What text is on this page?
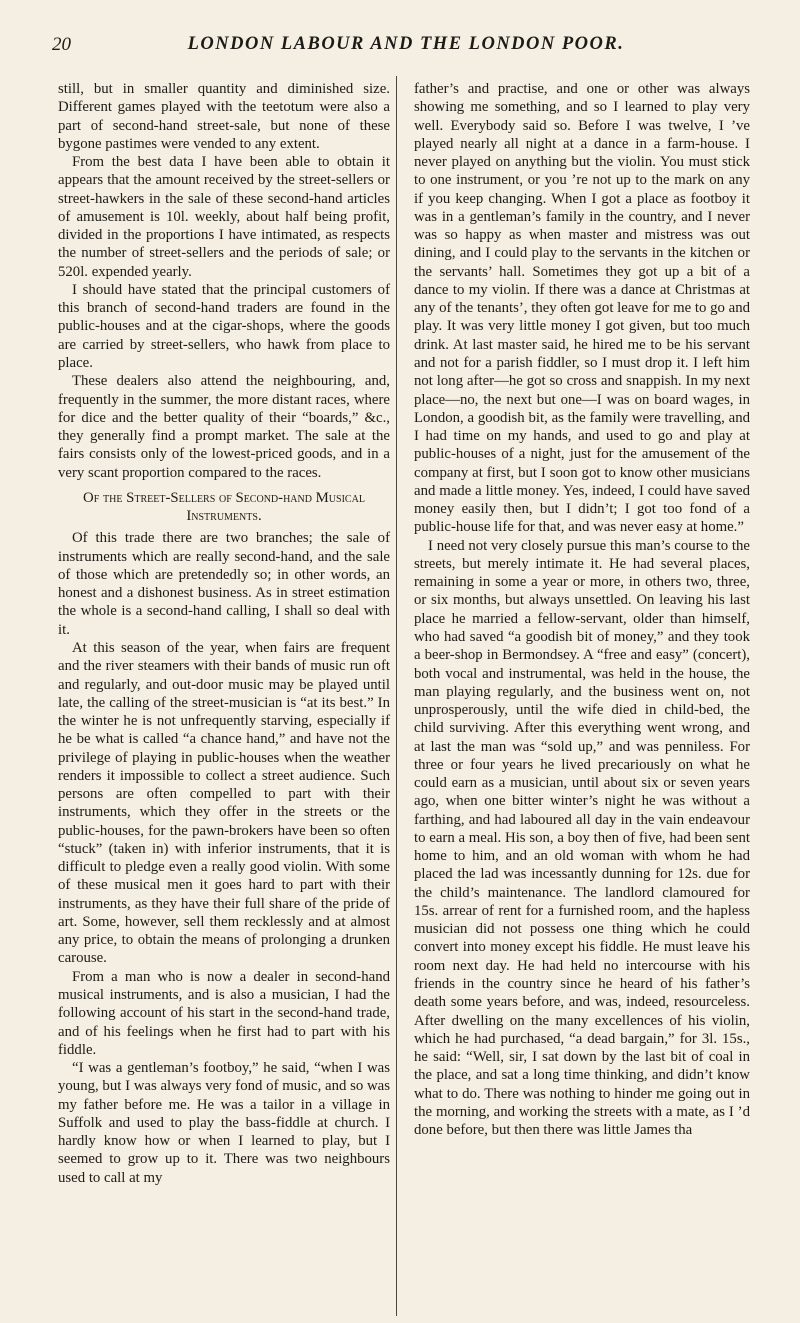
20	LONDON LABOUR AND THE LONDON POOR.

still, but in smaller quantity and diminished size. Different games played with the teetotum were also a part of second-hand street-sale, but none of these bygone pastimes were vended to any extent.

From the best data I have been able to obtain it appears that the amount received by the street-sellers or street-hawkers in the sale of these second-hand articles of amusement is 10l. weekly, about half being profit, divided in the proportions I have intimated, as respects the number of street-sellers and the periods of sale; or 520l. expended yearly.

I should have stated that the principal customers of this branch of second-hand traders are found in the public-houses and at the cigar-shops, where the goods are carried by street-sellers, who hawk from place to place.

These dealers also attend the neighbouring, and, frequently in the summer, the more distant races, where for dice and the better quality of their “boards,” &c., they generally find a prompt market. The sale at the fairs consists only of the lowest-priced goods, and in a very scant proportion compared to the races.

Of the Street-Sellers of Second-hand Musical Instruments.

Of this trade there are two branches; the sale of instruments which are really second-hand, and the sale of those which are pretendedly so; in other words, an honest and a dishonest business. As in street estimation the whole is a second-hand calling, I shall so deal with it.

At this season of the year, when fairs are frequent and the river steamers with their bands of music run oft and regularly, and out-door music may be played until late, the calling of the street-musician is “at its best.” In the winter he is not unfrequently starving, especially if he be what is called “a chance hand,” and have not the privilege of playing in public-houses when the weather renders it impossible to collect a street audience. Such persons are often compelled to part with their instruments, which they offer in the streets or the public-houses, for the pawn-brokers have been so often “stuck” (taken in) with inferior instruments, that it is difficult to pledge even a really good violin. With some of these musical men it goes hard to part with their instruments, as they have their full share of the pride of art. Some, however, sell them recklessly and at almost any price, to obtain the means of prolonging a drunken carouse.

From a man who is now a dealer in second-hand musical instruments, and is also a musician, I had the following account of his start in the second-hand trade, and of his feelings when he first had to part with his fiddle.

“I was a gentleman’s footboy,” he said, “when I was young, but I was always very fond of music, and so was my father before me. He was a tailor in a village in Suffolk and used to play the bass-fiddle at church. I hardly know how or when I learned to play, but I seemed to grow up to it. There was two neighbours used to call at my

father’s and practise, and one or other was always showing me something, and so I learned to play very well. Everybody said so. Before I was twelve, I ’ve played nearly all night at a dance in a farm-house. I never played on anything but the violin. You must stick to one instrument, or you ’re not up to the mark on any if you keep changing. When I got a place as footboy it was in a gentleman’s family in the country, and I never was so happy as when master and mistress was out dining, and I could play to the servants in the kitchen or the servants’ hall. Sometimes they got up a bit of a dance to my violin. If there was a dance at Christmas at any of the tenants’, they often got leave for me to go and play. It was very little money I got given, but too much drink. At last master said, he hired me to be his servant and not for a parish fiddler, so I must drop it. I left him not long after—he got so cross and snappish. In my next place—no, the next but one—I was on board wages, in London, a goodish bit, as the family were travelling, and I had time on my hands, and used to go and play at public-houses of a night, just for the amusement of the company at first, but I soon got to know other musicians and made a little money. Yes, indeed, I could have saved money easily then, but I didn’t; I got too fond of a public-house life for that, and was never easy at home.”

I need not very closely pursue this man’s course to the streets, but merely intimate it. He had several places, remaining in some a year or more, in others two, three, or six months, but always unsettled. On leaving his last place he married a fellow-servant, older than himself, who had saved “a goodish bit of money,” and they took a beer-shop in Bermondsey. A “free and easy” (concert), both vocal and instrumental, was held in the house, the man playing regularly, and the business went on, not unprosperously, until the wife died in child-bed, the child surviving. After this everything went wrong, and at last the man was “sold up,” and was penniless. For three or four years he lived precariously on what he could earn as a musician, until about six or seven years ago, when one bitter winter’s night he was without a farthing, and had laboured all day in the vain endeavour to earn a meal. His son, a boy then of five, had been sent home to him, and an old woman with whom he had placed the lad was incessantly dunning for 12s. due for the child’s maintenance. The landlord clamoured for 15s. arrear of rent for a furnished room, and the hapless musician did not possess one thing which he could convert into money except his fiddle. He must leave his room next day. He had held no intercourse with his friends in the country since he heard of his father’s death some years before, and was, indeed, resourceless. After dwelling on the many excellences of his violin, which he had purchased, “a dead bargain,” for 3l. 15s., he said: “Well, sir, I sat down by the last bit of coal in the place, and sat a long time thinking, and didn’t know what to do. There was nothing to hinder me going out in the morning, and working the streets with a mate, as I ’d done before, but then there was little James tha
